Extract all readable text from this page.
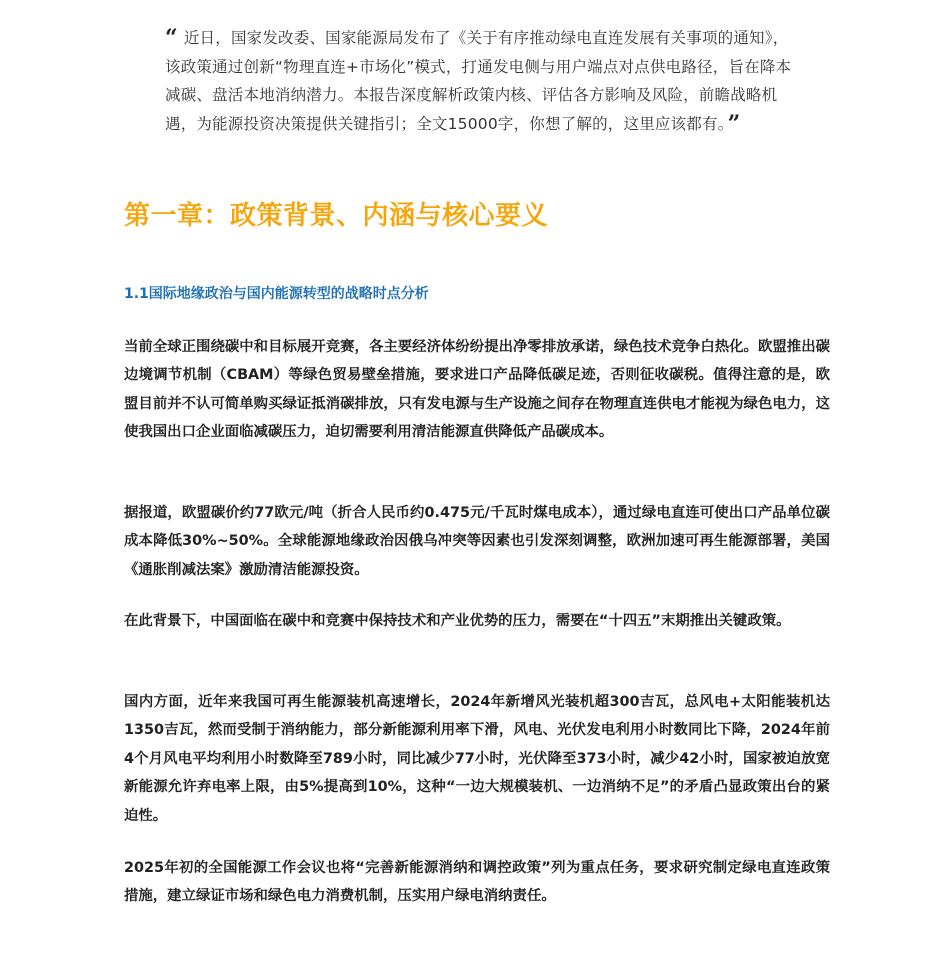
“ 近日，国家发改委、国家能源局发布了《关于有序推动绿电直连发展有关事项的通知》，该政策通过创新“物理直连+市场化”模式，打通发电侧与用户端点对点供电路径，旨在降本减碳、盘活本地消纳潜力。本报告深度解析政策内核、评估各方影响及风险，前瞻战略机遇，为能源投资决策提供关键指引；全文15000字，你想了解的，这里应该都有。”
第一章：政策背景、内涵与核心要义
1.1国际地缘政治与国内能源转型的战略时点分析

当前全球正围绕碳中和目标展开竞赛，各主要经济体纷纷提出净零排放承诺，绿色技术竞争白热化。欧盟推出碳边境调节机制（CBAM）等绿色贸易壁垒措施，要求进口产品降低碳足迹，否则征收碳税。值得注意的是，欧盟目前并不认可简单购买绿证抵消碳排放，只有发电源与生产设施之间存在物理直连供电才能视为绿色电力，这使我国出口企业面临减碳压力，迫切需要利用清洁能源直供降低产品碳成本。

据报道，欧盟碳价约77欧元/吨（折合人民币约0.475元/千瓦时煤电成本），通过绿电直连可使出口产品单位碳成本降低30%~50%。全球能源地缘政治因俄乌冲突等因素也引发深刻调整，欧洲加速可再生能源部署，美国《通胀削减法案》激励清洁能源投资。

在此背景下，中国面临在碳中和竞赛中保持技术和产业优势的压力，需要在“十四五”末期推出关键政策。

国内方面，近年来我国可再生能源装机高速增长，2024年新增风光装机超300吉瓦，总风电+太阳能装机达1350吉瓦，然而受制于消纳能力，部分新能源利用率下滑，风电、光伏发电利用小时数同比下降，2024年前4个月风电平均利用小时数降至789小时，同比减少77小时，光伏降至373小时，减少42小时，国家被迫放宽新能源允许弃电率上限，由5%提高到10%，这种“一边大规模装机、一边消纳不足”的矛盾凸显政策出台的紧迫性。

2025年初的全国能源工作会议也将“完善新能源消纳和调控政策”列为重点任务，要求研究制定绿电直连政策措施，建立绿证市场和绿色电力消费机制，压实用户绿电消纳责任。
